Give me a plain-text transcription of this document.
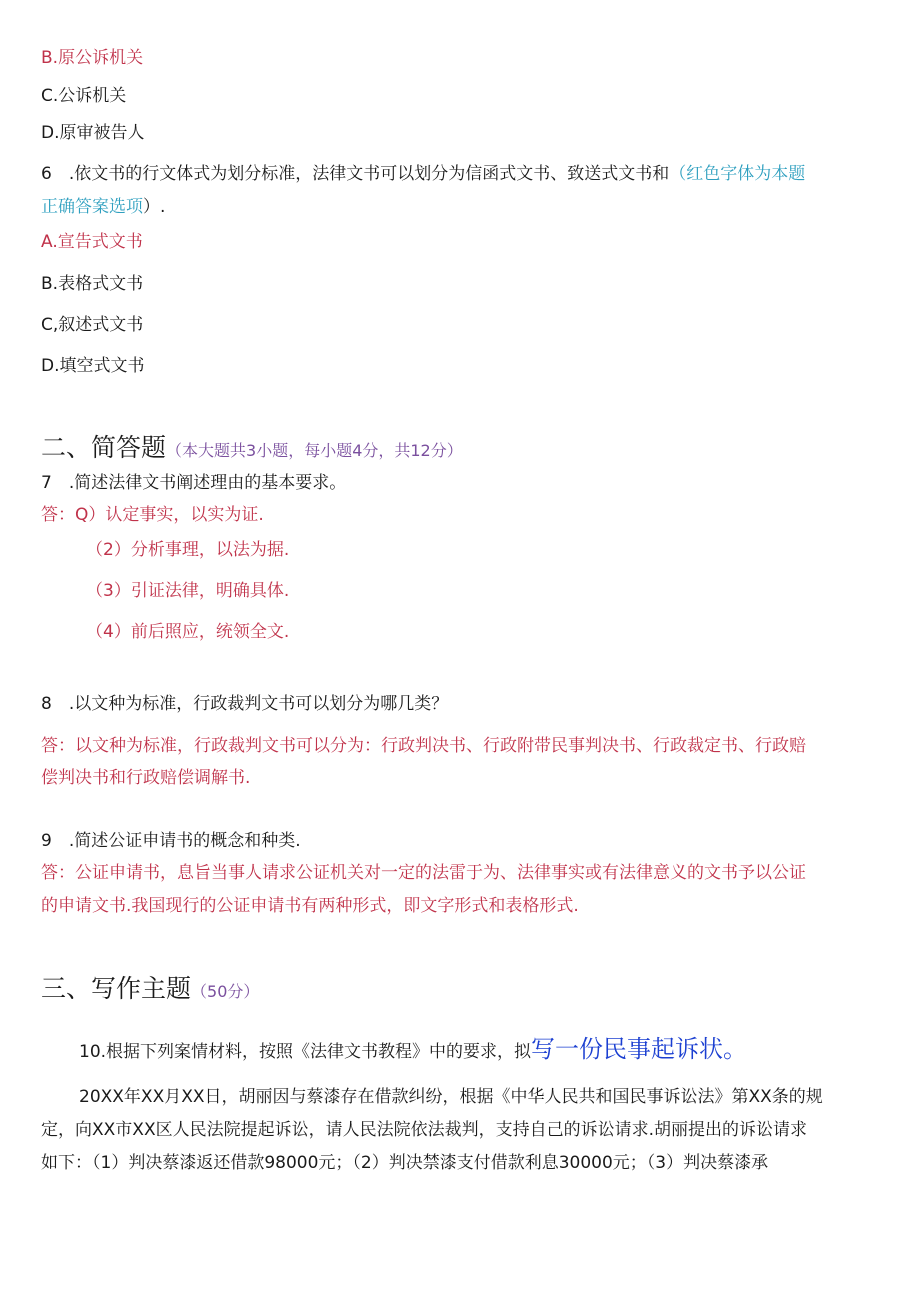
B.原公诉机关
C.公诉机关
D.原审被告人
6　.依文书的行文体式为划分标准，法律文书可以划分为信函式文书、致送式文书和（红色字体为本题
正确答案选项）.
A.宣告式文书
B.表格式文书
C,叙述式文书
D.填空式文书
二、简答题（本大题共3小题，每小题4分，共12分）
7　.简述法律文书阐述理由的基本要求。
答：Q）认定事实，以实为证.
（2）分析事理，以法为据.
（3）引证法律，明确具体.
（4）前后照应，统领全文.
8　.以文种为标准，行政裁判文书可以划分为哪几类？
答：以文种为标准，行政裁判文书可以分为：行政判决书、行政附带民事判决书、行政裁定书、行政赔
偿判决书和行政赔偿调解书.
9　.简述公证申请书的概念和种类.
答：公证申请书，息旨当事人请求公证机关对一定的法雷于为、法律事实或有法律意义的文书予以公证
的申请文书.我国现行的公证申请书有两种形式，即文字形式和表格形式.
三、写作主题（50分）
10.根据下列案情材料，按照《法律文书教程》中的要求，拟写一份民事起诉状。
20XX年XX月XX日，胡丽因与蔡漆存在借款纠纷，根据《中华人民共和国民事诉讼法》第XX条的规
定，向XX市XX区人民法院提起诉讼，请人民法院依法裁判，支持自己的诉讼请求.胡丽提出的诉讼请求
如下：（1）判决蔡漆返还借款98000元；（2）判决禁漆支付借款利息30000元；（3）判决蔡漆承
